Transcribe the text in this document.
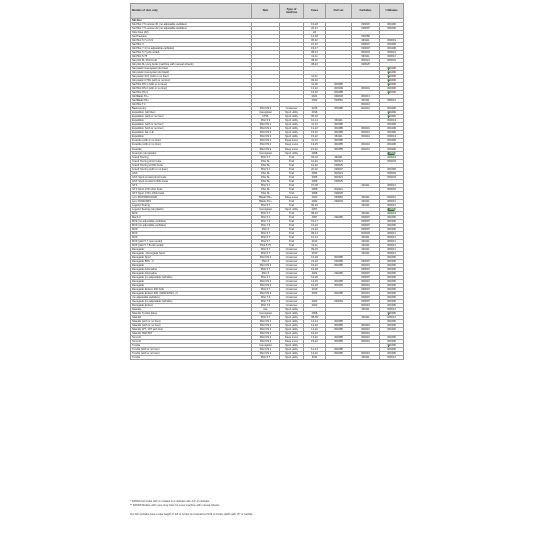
Models of skis only	Skis	Type of machine	Years	Full set	Carbides	U-Blades
Ski-Doo						
Ski Pilot 7.5 version #1 (no adjustable carbides)			16-18		330097	300496
Ski Pilot 7.5 version #2 (no adjustable carbides)			20-21		330097	300496
Skis Flow (All)			All			
Ski Precision			12-18		330280	
Ski Pilot 5.7 et 6.9			06-22		330111	300013
Ski Pilot X			21-22		330097	300496
Ski Pilot 7.4 (no adjustable carbides)			15-17		330097	300496
Ski Pilot 5.7 (old model)			08-14		300003	300013
Ski Pilot 5.75			10-11		330111	300013
Ski pilot SL Short butt			08-22		300321	300004
Ski pilot SL Long butte (machine with manual wheels)			08-22		330025	
Ski plastic Camoplast (ski blue)						300496
Ski plastic Camoplast (ski black)						300496
Ski plastic XCL (with or no liner)			10-11			300496
Ski plastic CTRL (with or no liner)			06-10			300496
Ski Pilot DS 1 (with or no liner)			11-18	300485		300496
Ski Pilot DS 2 (with or no liner)			13-22	300309	300210	300496
Ski Pilot DS 3			15-22	300485		300496
Ski Blade XC+			2021	330093	300013	
Ski Blade DS+			2022	330081	330111	300013
Ski Pilot T.4					300210	
Backcountry	Pilot DS 2	Crossover	2016	300485	300210	300496
Expedition (ski blue)	Camoplast	Sport utility	2016			300496
Expedition (with or no liner)	CTRL	Sport utility	06-10			300496
Expedition	Pilot 5.9	Sport utility	10-14	330111		300013
Expedition (with or no liner)	Pilot DS 1	Sport utility	11-13	300485		300496
Expedition (with or no liner)	Pilot DS 2	Sport utility	13-22	300485	300210	300496
Expedition SE / LE	Pilot DS 3	Sport utility	15-22	300485	300210	300496
Expedition	Pilot DS 3	Sport utility	15-22	330111	300210	300013
Freeride (with or no liner)	Pilot DS 1	Deep snow	11-13	300485		300496
Freeride (with or no liner)	Pilot DS 2	Deep snow	13-15	300485	300210	300496
Freeride	Pilot DS 3	Deep snow	15-22	300485	300210	300496
Freestyle (ski plastic)	Camoplast	Sport utility	2008			300496
Grand Touring	Pilot 5.7	Trail	06-10	330111		300013
Grand Touring short butte	Pilot SL	Trail	10-22	300321		300004
Grand Touring LONG butte	Pilot SL	Trail	10-22	330025		
Grand Touring (with or no liner)	Pilot 5.7	Trail	20-22	330097		300496
GSX	Pilot SL	Trail	2006	300321		300004
GSX Sport Limited short butte	Pilot SL	Trail	2006	300321		300004
GSX Sport Limited LONG butte	Pilot SL	Trail	2006	330025		
GTX	Pilot 5.7	Trail	07-09		330111	300013
GTX Sport LTD short butte	Pilot SL	Trail	2008	300321		300004
GTX Sport LTD LONG butte	Pilot SL	Trail	2008	330025		
Lynx BOONDOCKER	Blade DS+	Deep snow	2022	330081	330111	300013
Lynx RAVE/XRS	Blade XC+	Trail	2022	330093	330111	300013
Legend Touring	Pilot 5.7	Trail	06-10		330111	300013
Legend Touring (ski plastic)	Camoplast	Sport utility	2007			300496
MXZ	Pilot 5.7	Trail	08-10		330111	300013
Mach Z	Pilot 5.7	Trail	2007	330486	330097	300496
MXZ (no adjustable carbides)	Pilot 7.4	Trail	15-17		330097	300496
MXZ (no adjustable carbides)	Pilot 7.5	Trail	16-22		330097	300496
MXZ	Pilot X	Trail	21-22		330097	300496
MXZ	Pilot 5.7	Trail	08-14		300003	300013
MXZ	Pilot 5.7	Trail	10-14		330111	300013
MXZ (pilot 5.7 new model)	Pilot 5.7	Trail	2012		330111	300013
MXZ (pilot 5.7 B old model)	Pilot 5.75	Trail	10-11		330111	300013
Renegade	Pilot 5.7	Crossover	09-15		330111	300013
Renegade - Renegade Sport	Pilot 5.7	Crossover	2010		330111	300013
Renegade Sport	Pilot DS 1	Crossover	16-18	300485		300496
Renegade BXS - X	Pilot X	Crossover	21-22	330486	330097	300496
Renegade	Pilot DS 3	Crossover	15-22	300485	300210	300496
Renegade Adrenaline	Pilot 5.7	Crossover	16-18		330097	300496
Renegade Adrenaline	Pilot X	Crossover	2022	330486	330097	300496
Renegade (no adjustable carbides)	Pilot 5.7	Crossover	16-20		330097	300496
Renegade	Pilot DS 2	Crossover	13-15	300485	300210	300496
Renegade	Pilot DS 3	Crossover	16-18	300309	300210	300496
Renegade Enduro 900 ACE	Pilot 5.7	Crossover	2019		330097	300496
Renegade Enduro 900 / 900R ETEC / X	Pilot DS 3	Crossover	2020	300485	300210	300496
(no adjustable carbides)	Pilot 7.4	Crossover			330097	300496
Renegade (no adjustable carbides)	Pilot 7.5	Crossover	2022	330054	330097	300496
Renegade Enduro	Pilot T.4	Crossover	2022		300210	300496
Skandic	ALL	Sport utility			330111	300013
Skandic Tundra (blue)	Camoplast	Sport utility	2008			300496
Skandic	Pilot 5.7	Sport utility	08-09		330111	300013
Skandic (with or no liner)	Pilot DS 1	Sport utility	12-14	300485		300496
Skandic (with or no liner)	Pilot DS 2	Sport utility	13-22	300485	300210	300496
Skandic WT / WT with liner	Pilot DS 2	Sport utility	14-22	300485	300210	300496
Skandic SWT/WT	Pilot DS 2	Sport utility	16-22		300210	
Summit	Pilot DS 2	Deep snow	13-22	300485	300210	300496
Summit	Pilot DS 3	Deep snow	15-22	300485	300210	300496
Tundra	Camoplast	Sport utility				300496
Tundra (with or no liner)	Pilot DS 1	Sport utility	12-14	300485		300496
Tundra (with or no liner)	Pilot DS 2	Sport utility	13-22	300485	300210	300496
Tundra	Pilot 5.7	Sport utility	2011		330111	300013

* 300003 full model with 4 u blades & 4 carbides with 4.5" of carbides

** 330025 Models with more long butte for snow machine with manual wheels

Our flat carbides have a total height of 3/8 of inches but inserted at 5/16 of inches depth with 15" of carbide
